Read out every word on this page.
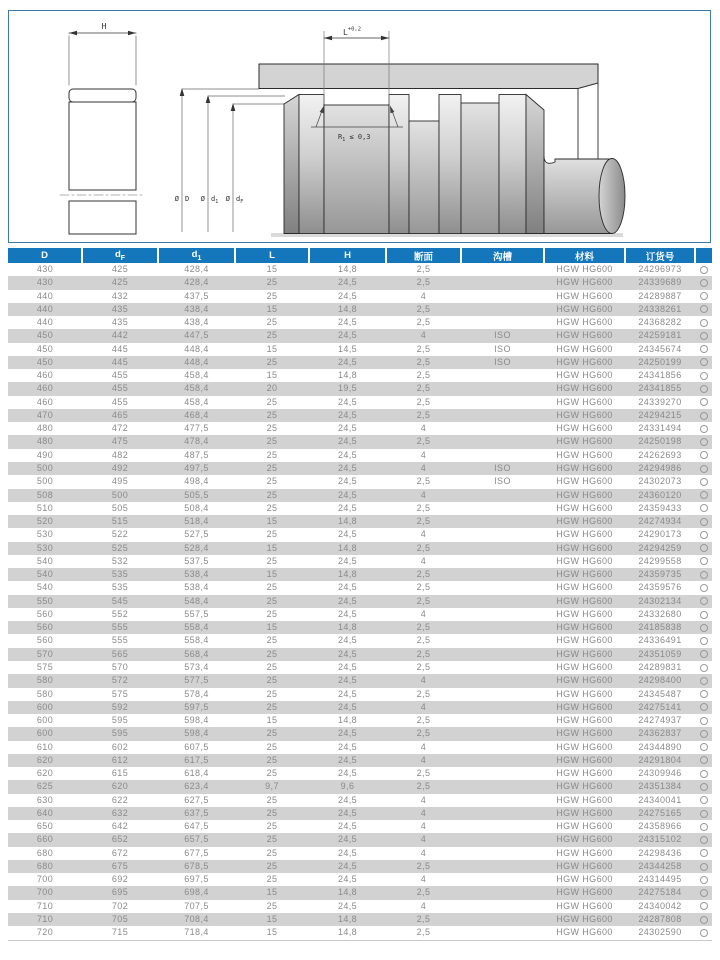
H
Ø D Ø $d_1$ Ø $d_F$
$L^{+0,2}$
$R_1 \le 0,3$
D	$d_F$	$d_1$	L	H	断面	沟槽	材料	订货号	
430	425	428,4	15	14,8	2,5		HGW HG600	24296973	
430	425	428,4	25	24,5	2,5		HGW HG600	24339689	
440	432	437,5	25	24,5	4		HGW HG600	24289887	
440	435	438,4	15	14,8	2,5		HGW HG600	24338261	
440	435	438,4	25	24,5	2,5		HGW HG600	24368282	
450	442	447,5	25	24,5	4	ISO	HGW HG600	24259181	
450	445	448,4	15	14,5	2,5	ISO	HGW HG600	24345674	
450	445	448,4	25	24,5	2,5	ISO	HGW HG600	24250199	
460	455	458,4	15	14,8	2,5		HGW HG600	24341856	
460	455	458,4	20	19,5	2,5		HGW HG600	24341855	
460	455	458,4	25	24,5	2,5		HGW HG600	24339270	
470	465	468,4	25	24,5	2,5		HGW HG600	24294215	
480	472	477,5	25	24,5	4		HGW HG600	24331494	
480	475	478,4	25	24,5	2,5		HGW HG600	24250198	
490	482	487,5	25	24,5	4		HGW HG600	24262693	
500	492	497,5	25	24,5	4	ISO	HGW HG600	24294986	
500	495	498,4	25	24,5	2,5	ISO	HGW HG600	24302073	
508	500	505,5	25	24,5	4		HGW HG600	24360120	
510	505	508,4	25	24,5	2,5		HGW HG600	24359433	
520	515	518,4	15	14,8	2,5		HGW HG600	24274934	
530	522	527,5	25	24,5	4		HGW HG600	24290173	
530	525	528,4	15	14,8	2,5		HGW HG600	24294259	
540	532	537,5	25	24,5	4		HGW HG600	24299558	
540	535	538,4	15	14,8	2,5		HGW HG600	24359735	
540	535	538,4	25	24,5	2,5		HGW HG600	24359576	
550	545	548,4	25	24,5	2,5		HGW HG600	24302134	
560	552	557,5	25	24,5	4		HGW HG600	24332680	
560	555	558,4	15	14,8	2,5		HGW HG600	24185838	
560	555	558,4	25	24,5	2,5		HGW HG600	24336491	
570	565	568,4	25	24,5	2,5		HGW HG600	24351059	
575	570	573,4	25	24,5	2,5		HGW HG600	24289831	
580	572	577,5	25	24,5	4		HGW HG600	24298400	
580	575	578,4	25	24,5	2,5		HGW HG600	24345487	
600	592	597,5	25	24,5	4		HGW HG600	24275141	
600	595	598,4	15	14,8	2,5		HGW HG600	24274937	
600	595	598,4	25	24,5	2,5		HGW HG600	24362837	
610	602	607,5	25	24,5	4		HGW HG600	24344890	
620	612	617,5	25	24,5	4		HGW HG600	24291804	
620	615	618,4	25	24,5	2,5		HGW HG600	24309946	
625	620	623,4	9,7	9,6	2,5		HGW HG600	24351384	
630	622	627,5	25	24,5	4		HGW HG600	24340041	
640	632	637,5	25	24,5	4		HGW HG600	24275165	
650	642	647,5	25	24,5	4		HGW HG600	24358966	
660	652	657,5	25	24,5	4		HGW HG600	24315102	
680	672	677,5	25	24,5	4		HGW HG600	24298436	
680	675	678,5	25	24,5	2,5		HGW HG600	24344258	
700	692	697,5	25	24,5	4		HGW HG600	24314495	
700	695	698,4	15	14,8	2,5		HGW HG600	24275184	
710	702	707,5	25	24,5	4		HGW HG600	24340042	
710	705	708,4	15	14,8	2,5		HGW HG600	24287808	
720	715	718,4	15	14,8	2,5		HGW HG600	24302590	
